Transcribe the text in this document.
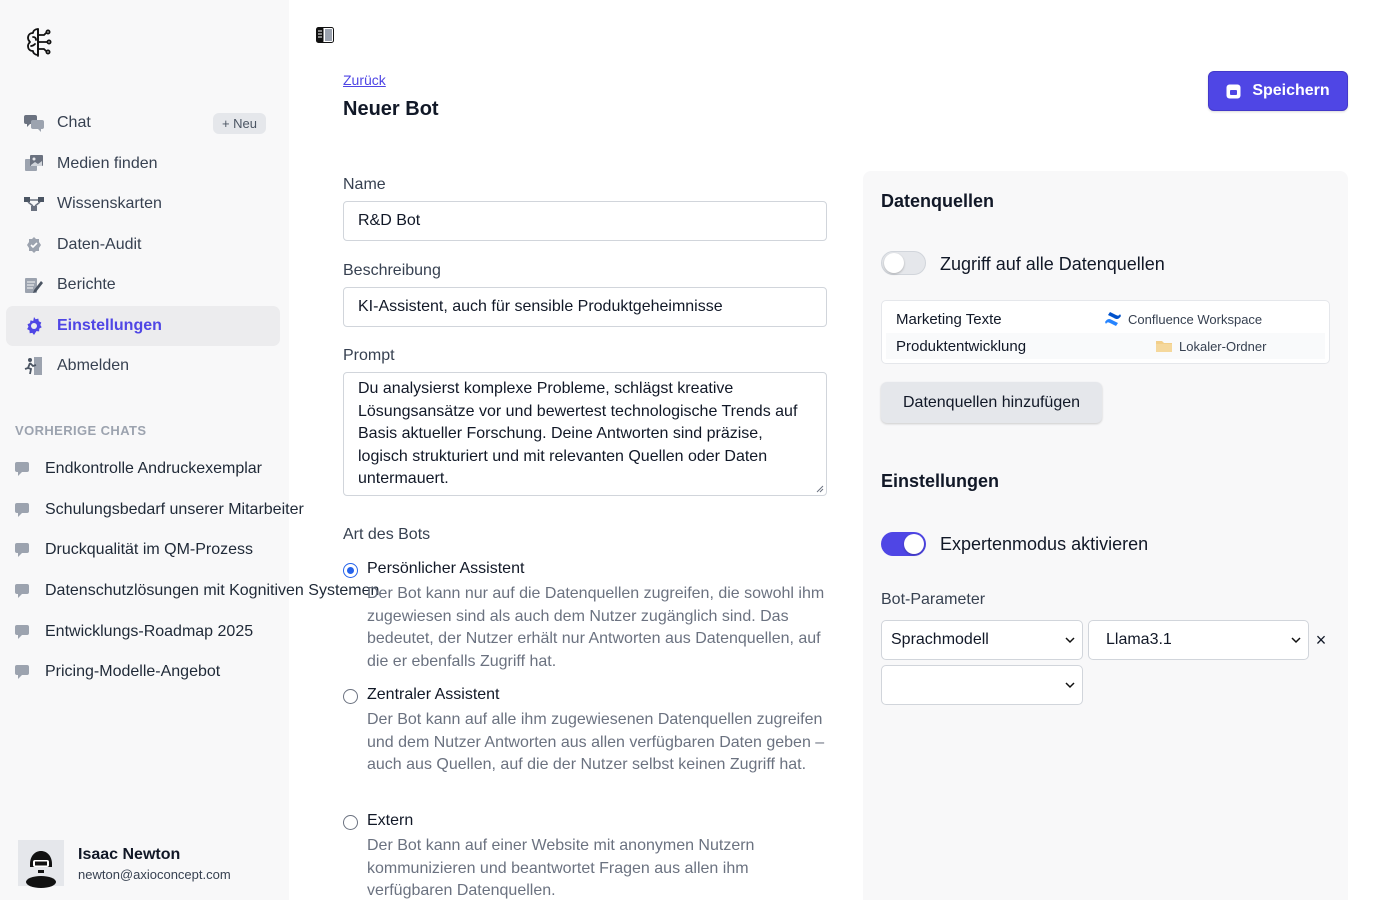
Chat	+ Neu
Medien finden
Wissenskarten
Daten-Audit
Berichte
Einstellungen
Abmelden
VORHERIGE CHATS
Endkontrolle Andruckexemplar
Schulungsbedarf unserer Mitarbeiter
Druckqualität im QM-Prozess
Datenschutzlösungen mit Kognitiven Systemen
Entwicklungs-Roadmap 2025
Pricing-Modelle-Angebot
Isaac Newton
newton@axioconcept.com
Zurück
Neuer Bot
Speichern
Name
R&D Bot
Beschreibung
KI-Assistent, auch für sensible Produktgeheimnisse
Prompt
Du analysierst komplexe Probleme, schlägst kreative Lösungsansätze vor und bewertest technologische Trends auf Basis aktueller Forschung. Deine Antworten sind präzise, logisch strukturiert und mit relevanten Quellen oder Daten untermauert.
Art des Bots
Persönlicher Assistent
Der Bot kann nur auf die Datenquellen zugreifen, die sowohl ihm zugewiesen sind als auch dem Nutzer zugänglich sind. Das bedeutet, der Nutzer erhält nur Antworten aus Datenquellen, auf die er ebenfalls Zugriff hat.
Zentraler Assistent
Der Bot kann auf alle ihm zugewiesenen Datenquellen zugreifen und dem Nutzer Antworten aus allen verfügbaren Daten geben – auch aus Quellen, auf die der Nutzer selbst keinen Zugriff hat.
Extern
Der Bot kann auf einer Website mit anonymen Nutzern kommunizieren und beantwortet Fragen aus allen ihm verfügbaren Datenquellen.
Datenquellen
Zugriff auf alle Datenquellen
Marketing Texte	Confluence Workspace
Produktentwicklung	Lokaler-Ordner
Datenquellen hinzufügen
Einstellungen
Expertenmodus aktivieren
Bot-Parameter
Sprachmodell	Llama3.1	×
